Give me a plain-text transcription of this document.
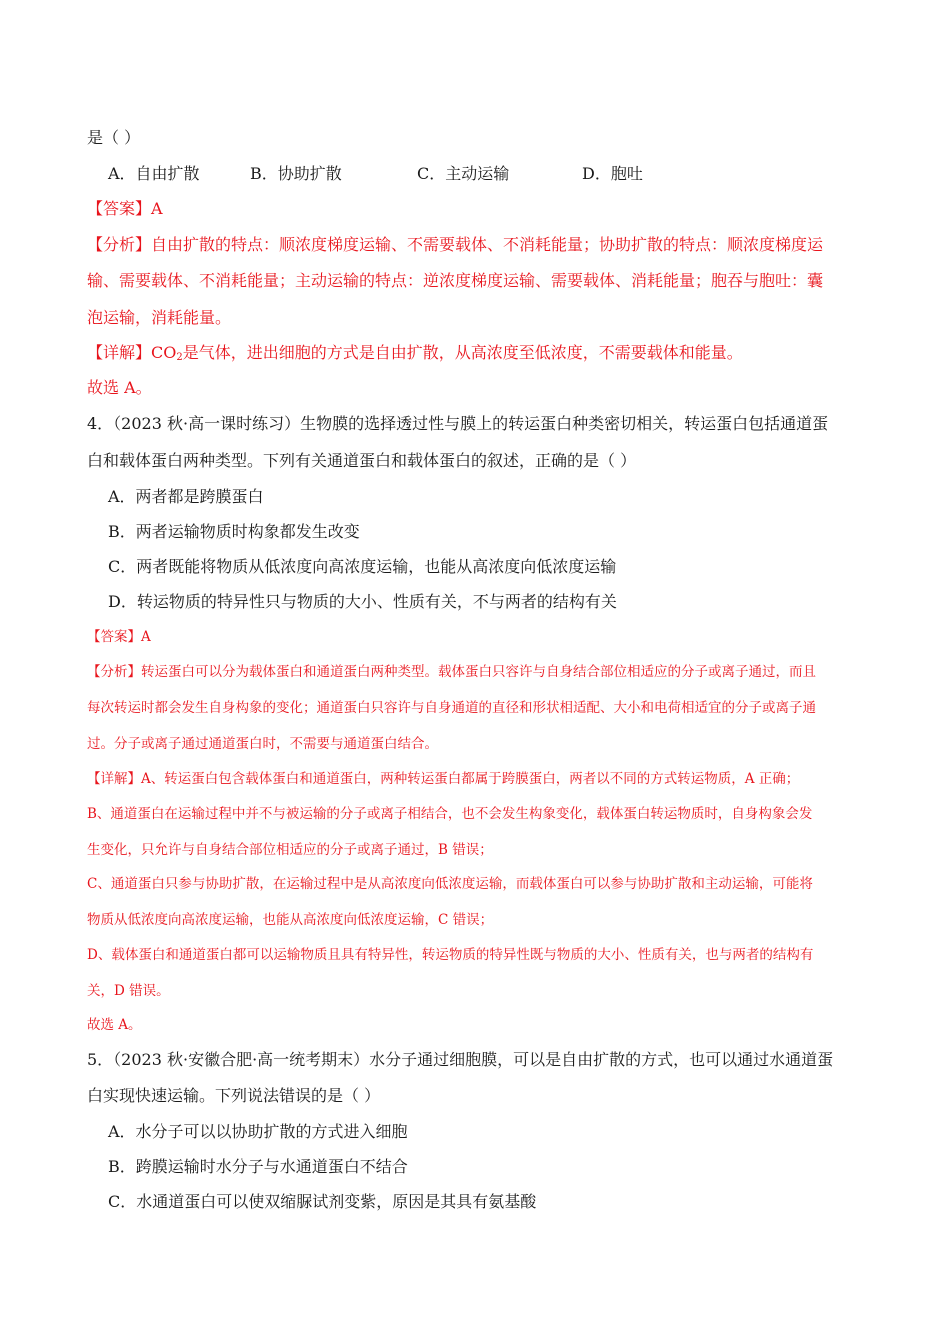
是（ ）
A．自由扩散	B．协助扩散	C．主动运输	D．胞吐
【答案】A
【分析】自由扩散的特点：顺浓度梯度运输、不需要载体、不消耗能量；协助扩散的特点：顺浓度梯度运
输、需要载体、不消耗能量；主动运输的特点：逆浓度梯度运输、需要载体、消耗能量；胞吞与胞吐：囊
泡运输，消耗能量。
【详解】$CO_2$是气体，进出细胞的方式是自由扩散，从高浓度至低浓度，不需要载体和能量。
故选 A。
4．（2023 秋·高一课时练习）生物膜的选择透过性与膜上的转运蛋白种类密切相关，转运蛋白包括通道蛋
白和载体蛋白两种类型。下列有关通道蛋白和载体蛋白的叙述，正确的是（ ）
A．两者都是跨膜蛋白
B．两者运输物质时构象都发生改变
C．两者既能将物质从低浓度向高浓度运输，也能从高浓度向低浓度运输
D．转运物质的特异性只与物质的大小、性质有关，不与两者的结构有关
【答案】A
【分析】转运蛋白可以分为载体蛋白和通道蛋白两种类型。载体蛋白只容许与自身结合部位相适应的分子或离子通过，而且
每次转运时都会发生自身构象的变化；通道蛋白只容许与自身通道的直径和形状相适配、大小和电荷相适宜的分子或离子通
过。分子或离子通过通道蛋白时，不需要与通道蛋白结合。
【详解】A、转运蛋白包含载体蛋白和通道蛋白，两种转运蛋白都属于跨膜蛋白，两者以不同的方式转运物质，A 正确；
B、通道蛋白在运输过程中并不与被运输的分子或离子相结合，也不会发生构象变化，载体蛋白转运物质时，自身构象会发
生变化，只允许与自身结合部位相适应的分子或离子通过，B 错误；
C、通道蛋白只参与协助扩散，在运输过程中是从高浓度向低浓度运输，而载体蛋白可以参与协助扩散和主动运输，可能将
物质从低浓度向高浓度运输，也能从高浓度向低浓度运输，C 错误；
D、载体蛋白和通道蛋白都可以运输物质且具有特异性，转运物质的特异性既与物质的大小、性质有关，也与两者的结构有
关，D 错误。
故选 A。
5．（2023 秋·安徽合肥·高一统考期末）水分子通过细胞膜，可以是自由扩散的方式，也可以通过水通道蛋
白实现快速运输。下列说法错误的是（ ）
A．水分子可以以协助扩散的方式进入细胞
B．跨膜运输时水分子与水通道蛋白不结合
C．水通道蛋白可以使双缩脲试剂变紫，原因是其具有氨基酸
